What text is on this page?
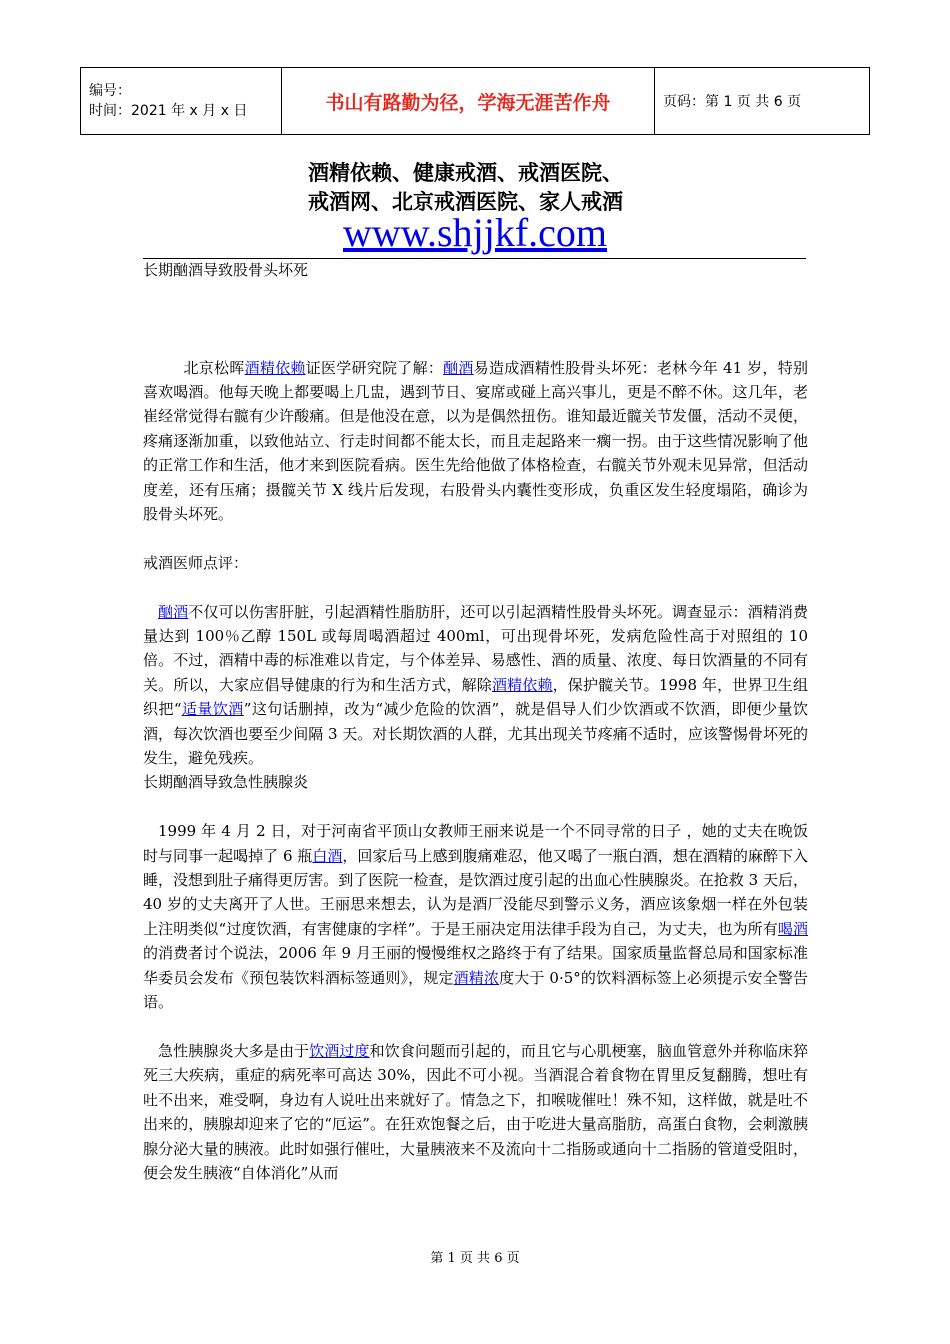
编号：
时间：2021 年 x 月 x 日	书山有路勤为径，学海无涯苦作舟	页码：第 1 页 共 6 页
酒精依赖、健康戒酒、戒酒医院、
戒酒网、北京戒酒医院、家人戒酒
www.shjjkf.com

长期酗酒导致股骨头坏死

北京松晖酒精依赖证医学研究院了解：酗酒易造成酒精性股骨头坏死：老林今年 41 岁，特别喜欢喝酒。他每天晚上都要喝上几盅，遇到节日、宴席或碰上高兴事儿，更是不醉不休。这几年，老崔经常觉得右髋有少许酸痛。但是他没在意，以为是偶然扭伤。谁知最近髋关节发僵，活动不灵便，疼痛逐渐加重，以致他站立、行走时间都不能太长，而且走起路来一瘸一拐。由于这些情况影响了他的正常工作和生活，他才来到医院看病。医生先给他做了体格检查，右髋关节外观未见异常，但活动度差，还有压痛；摄髋关节 X 线片后发现，右股骨头内囊性变形成，负重区发生轻度塌陷，确诊为股骨头坏死。

戒酒医师点评：

酗酒不仅可以伤害肝脏，引起酒精性脂肪肝，还可以引起酒精性股骨头坏死。调查显示：酒精消费量达到 100％乙醇 150L 或每周喝酒超过 400ml，可出现骨坏死，发病危险性高于对照组的 10 倍。不过，酒精中毒的标准难以肯定，与个体差异、易感性、酒的质量、浓度、每日饮酒量的不同有关。所以，大家应倡导健康的行为和生活方式，解除酒精依赖，保护髋关节。1998 年，世界卫生组织把“适量饮酒”这句话删掉，改为“减少危险的饮酒”，就是倡导人们少饮酒或不饮酒，即便少量饮酒，每次饮酒也要至少间隔 3 天。对长期饮酒的人群，尤其出现关节疼痛不适时，应该警惕骨坏死的发生，避免残疾。

长期酗酒导致急性胰腺炎

1999 年 4 月 2 日，对于河南省平顶山女教师王丽来说是一个不同寻常的日子 ，她的丈夫在晚饭时与同事一起喝掉了 6 瓶白酒，回家后马上感到腹痛难忍，他又喝了一瓶白酒，想在酒精的麻醉下入睡，没想到肚子痛得更厉害。到了医院一检查，是饮酒过度引起的出血心性胰腺炎。在抢救 3 天后，40 岁的丈夫离开了人世。王丽思来想去，认为是酒厂没能尽到警示义务，酒应该象烟一样在外包装上注明类似“过度饮酒，有害健康的字样”。于是王丽决定用法律手段为自己，为丈夫，也为所有喝酒的消费者讨个说法，2006 年 9 月王丽的慢慢维权之路终于有了结果。国家质量监督总局和国家标准华委员会发布《预包装饮料酒标签通则》，规定酒精浓度大于 0·5°的饮料酒标签上必须提示安全警告语。

急性胰腺炎大多是由于饮酒过度和饮食问题而引起的，而且它与心肌梗塞，脑血管意外并称临床猝死三大疾病，重症的病死率可高达 30%，因此不可小视。当酒混合着食物在胃里反复翻腾，想吐有吐不出来，难受啊，身边有人说吐出来就好了。情急之下，扣喉咙催吐！殊不知，这样做，就是吐不出来的，胰腺却迎来了它的“厄运”。在狂欢饱餐之后，由于吃进大量高脂肪，高蛋白食物，会刺激胰腺分泌大量的胰液。此时如强行催吐，大量胰液来不及流向十二指肠或通向十二指肠的管道受阻时，便会发生胰液“自体消化”从而

第 1 页 共 6 页
